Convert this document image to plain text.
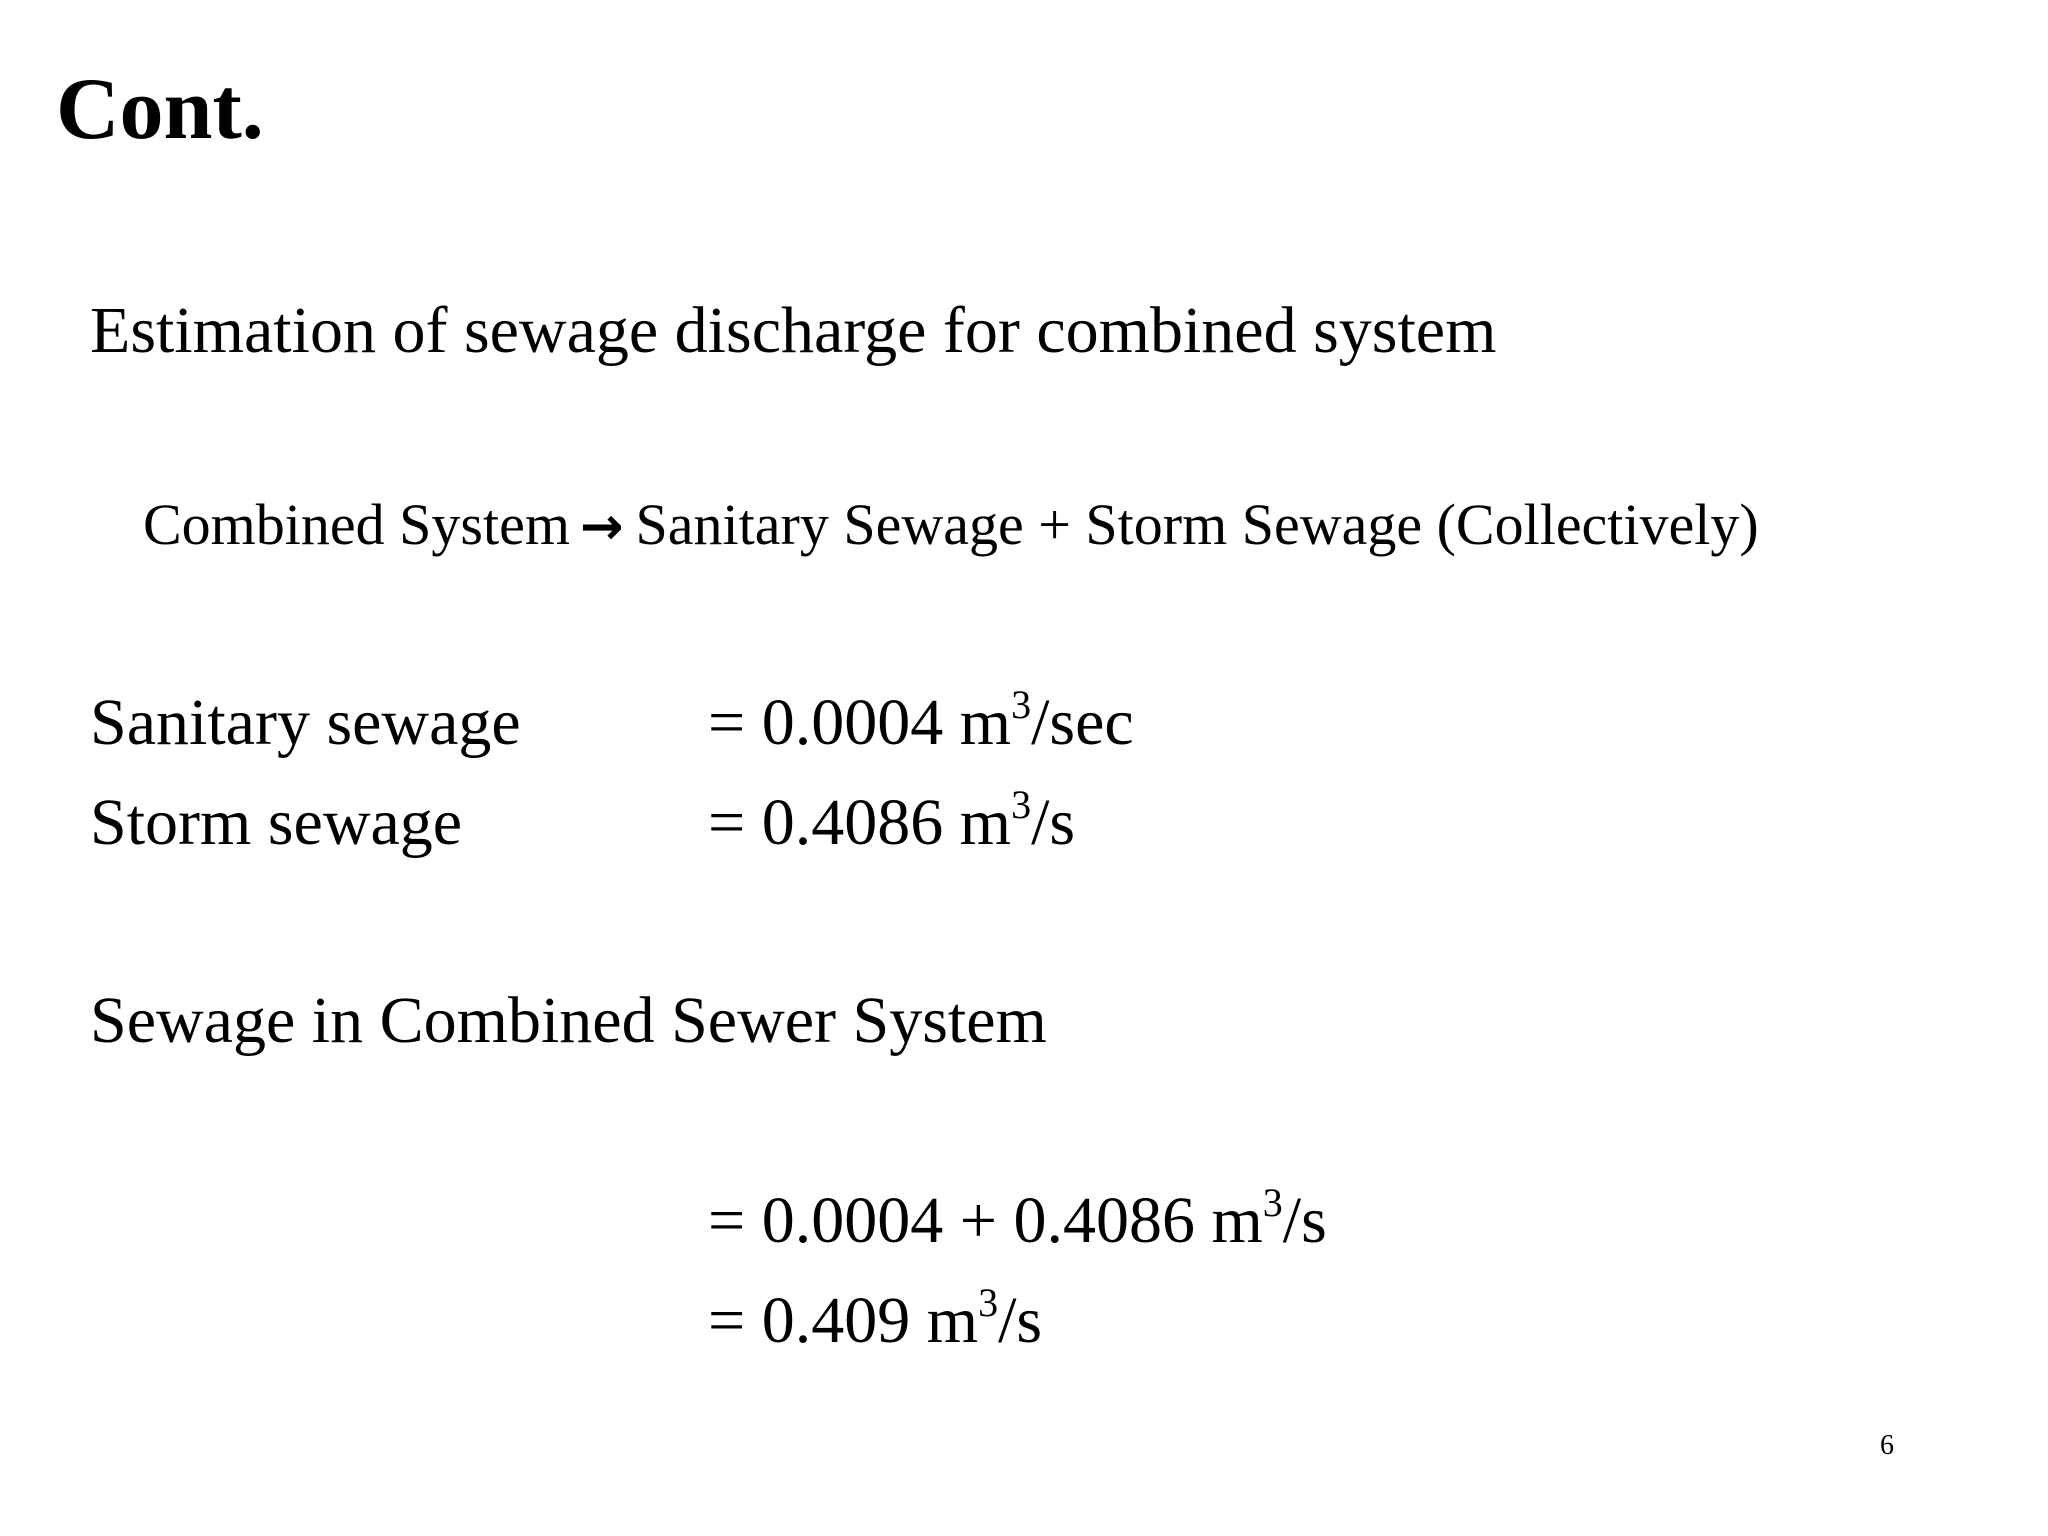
Cont.
Estimation of sewage discharge for combined system
Combined System → Sanitary Sewage + Storm Sewage (Collectively)
Sanitary sewage	= 0.0004 $m^3/\sec$
Storm sewage	= 0.4086 $m^3/s$
Sewage in Combined Sewer System
= 0.0004 + 0.4086 $m^3/s$
= 0.409 $m^3/s$
6
